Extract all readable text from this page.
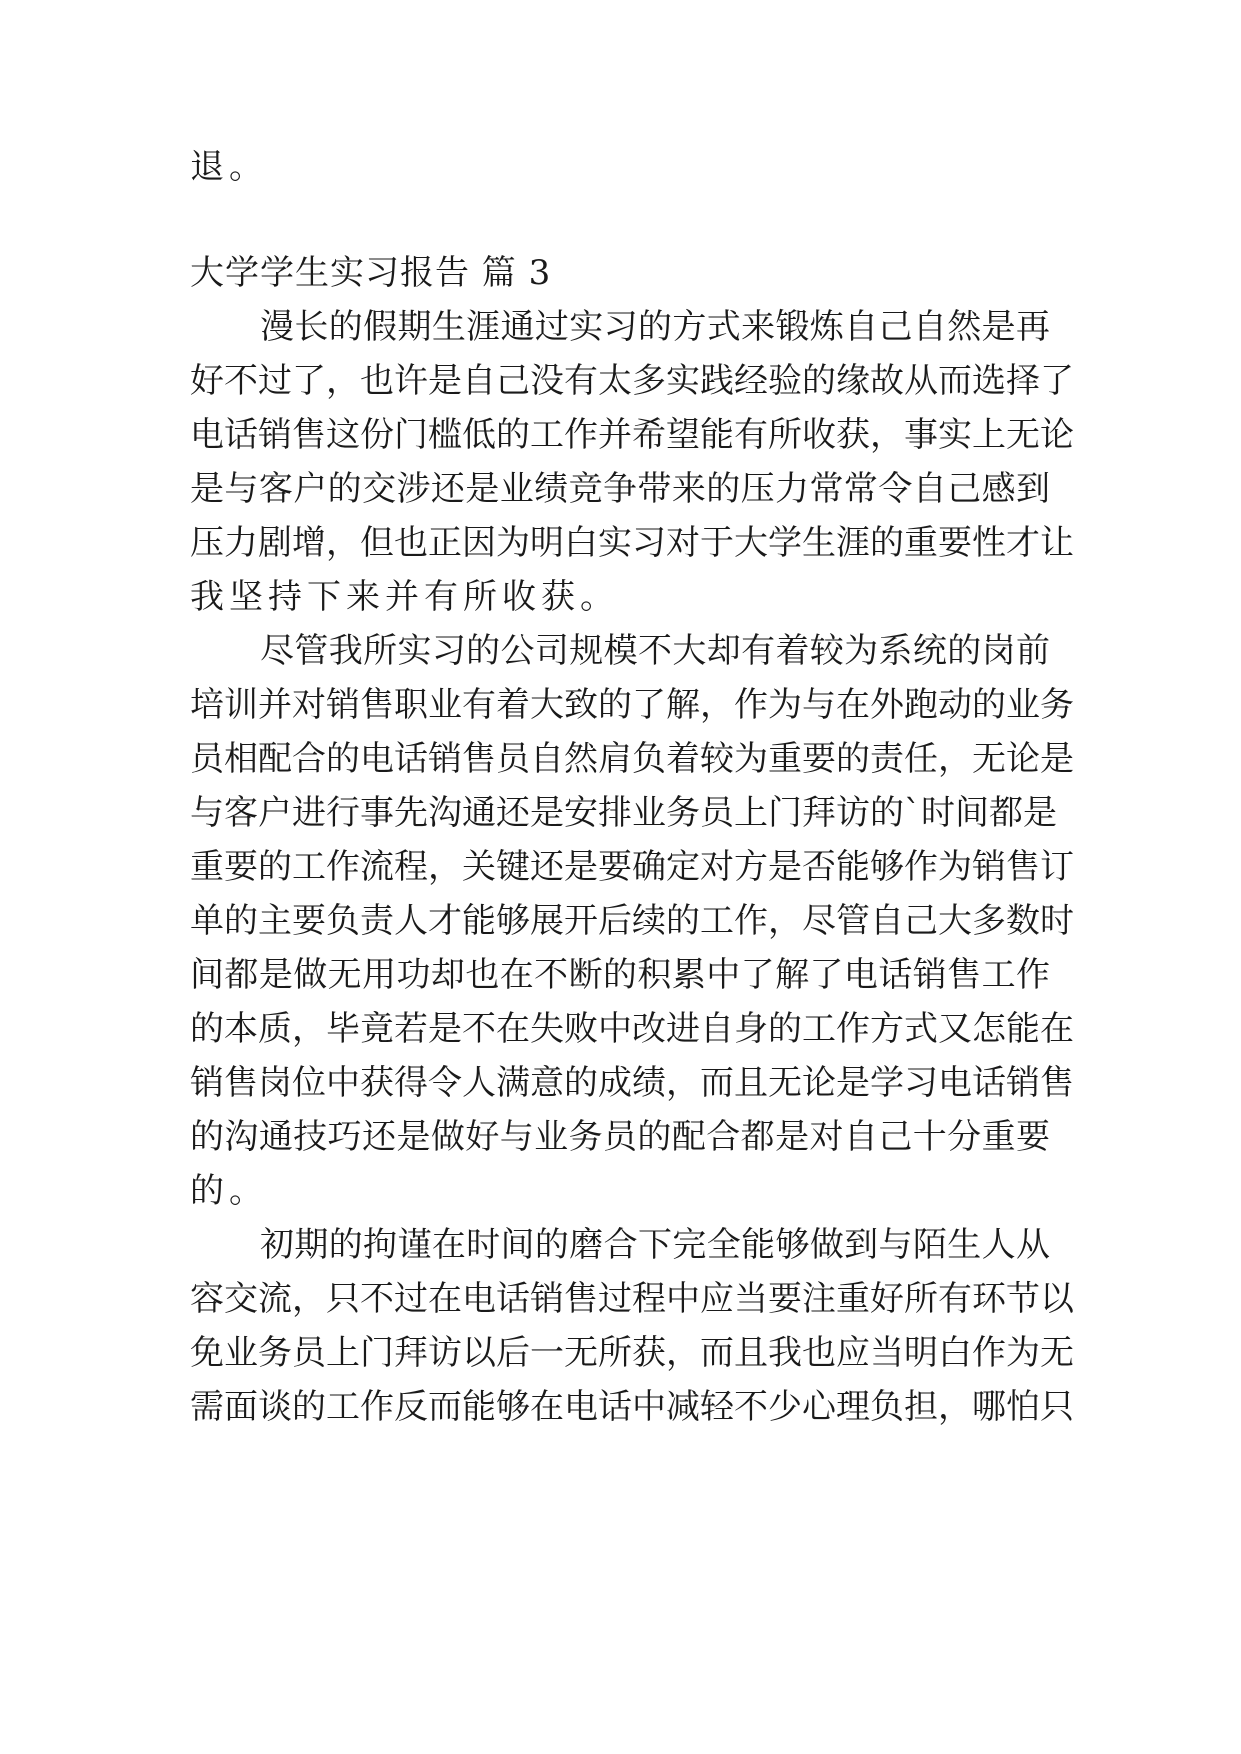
退。
大学学生实习报告 篇 3
漫长的假期生涯通过实习的方式来锻炼自己自然是再
好不过了，也许是自己没有太多实践经验的缘故从而选择了
电话销售这份门槛低的工作并希望能有所收获，事实上无论
是与客户的交涉还是业绩竞争带来的压力常常令自己感到
压力剧增，但也正因为明白实习对于大学生涯的重要性才让
我坚持下来并有所收获。
尽管我所实习的公司规模不大却有着较为系统的岗前
培训并对销售职业有着大致的了解，作为与在外跑动的业务
员相配合的电话销售员自然肩负着较为重要的责任，无论是
与客户进行事先沟通还是安排业务员上门拜访的`时间都是
重要的工作流程，关键还是要确定对方是否能够作为销售订
单的主要负责人才能够展开后续的工作，尽管自己大多数时
间都是做无用功却也在不断的积累中了解了电话销售工作
的本质，毕竟若是不在失败中改进自身的工作方式又怎能在
销售岗位中获得令人满意的成绩，而且无论是学习电话销售
的沟通技巧还是做好与业务员的配合都是对自己十分重要
的。
初期的拘谨在时间的磨合下完全能够做到与陌生人从
容交流，只不过在电话销售过程中应当要注重好所有环节以
免业务员上门拜访以后一无所获，而且我也应当明白作为无
需面谈的工作反而能够在电话中减轻不少心理负担，哪怕只
